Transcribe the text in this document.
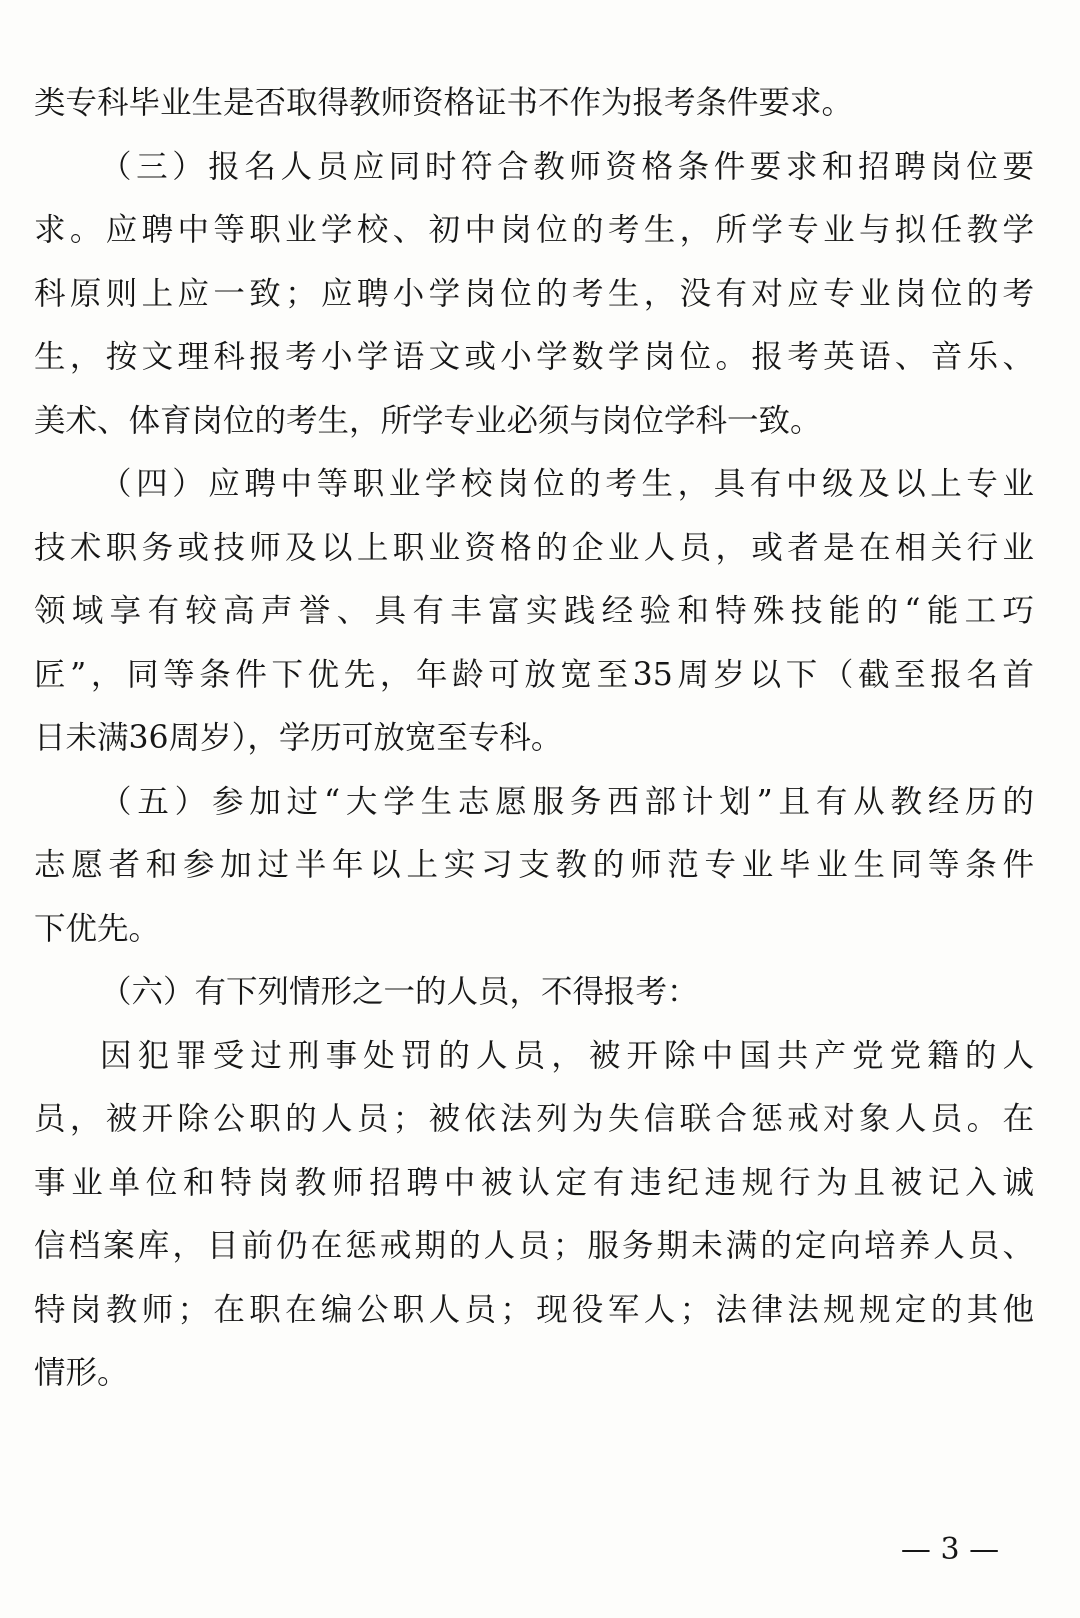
类专科毕业生是否取得教师资格证书不作为报考条件要求。
（三）报名人员应同时符合教师资格条件要求和招聘岗位要
求。应聘中等职业学校、初中岗位的考生，所学专业与拟任教学
科原则上应一致；应聘小学岗位的考生，没有对应专业岗位的考
生，按文理科报考小学语文或小学数学岗位。报考英语、音乐、
美术、体育岗位的考生，所学专业必须与岗位学科一致。
（四）应聘中等职业学校岗位的考生，具有中级及以上专业
技术职务或技师及以上职业资格的企业人员，或者是在相关行业
领域享有较高声誉、具有丰富实践经验和特殊技能的“能工巧
匠”，同等条件下优先，年龄可放宽至35周岁以下（截至报名首
日未满36周岁），学历可放宽至专科。
（五）参加过“大学生志愿服务西部计划”且有从教经历的
志愿者和参加过半年以上实习支教的师范专业毕业生同等条件
下优先。
（六）有下列情形之一的人员，不得报考：
因犯罪受过刑事处罚的人员，被开除中国共产党党籍的人
员，被开除公职的人员；被依法列为失信联合惩戒对象人员。在
事业单位和特岗教师招聘中被认定有违纪违规行为且被记入诚
信档案库，目前仍在惩戒期的人员；服务期未满的定向培养人员、
特岗教师；在职在编公职人员；现役军人；法律法规规定的其他
情形。
— 3 —
